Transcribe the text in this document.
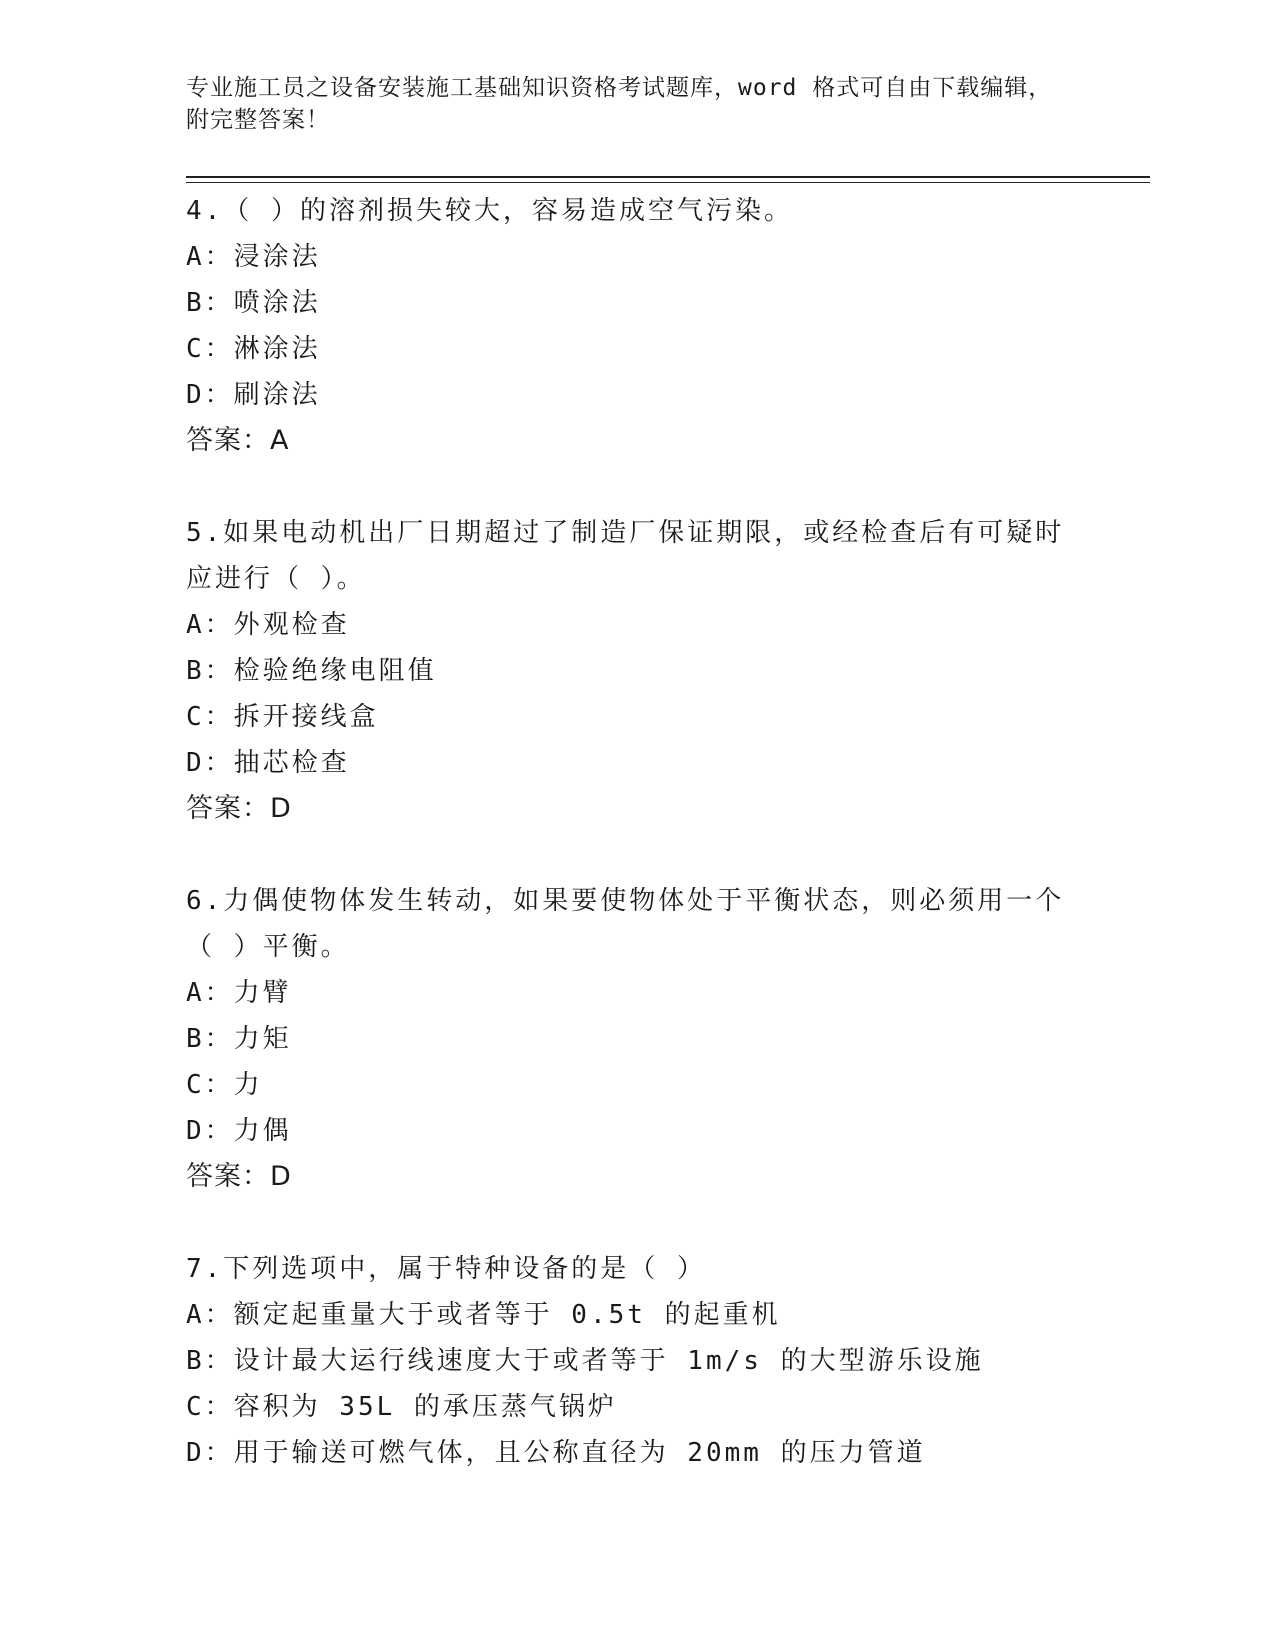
专业施工员之设备安装施工基础知识资格考试题库，word 格式可自由下载编辑，
附完整答案！

4.（ ）的溶剂损失较大，容易造成空气污染。

A：浸涂法

B：喷涂法

C：淋涂法

D：刷涂法

答案：A

5.如果电动机出厂日期超过了制造厂保证期限，或经检查后有可疑时

应进行（ ）。

A：外观检查

B：检验绝缘电阻值

C：拆开接线盒

D：抽芯检查

答案：D

6.力偶使物体发生转动，如果要使物体处于平衡状态，则必须用一个

（ ）平衡。

A：力臂

B：力矩

C：力

D：力偶

答案：D

7.下列选项中，属于特种设备的是（ ）

A：额定起重量大于或者等于 0.5t 的起重机

B：设计最大运行线速度大于或者等于 1m/s 的大型游乐设施

C：容积为 35L 的承压蒸气锅炉

D：用于输送可燃气体，且公称直径为 20mm 的压力管道
